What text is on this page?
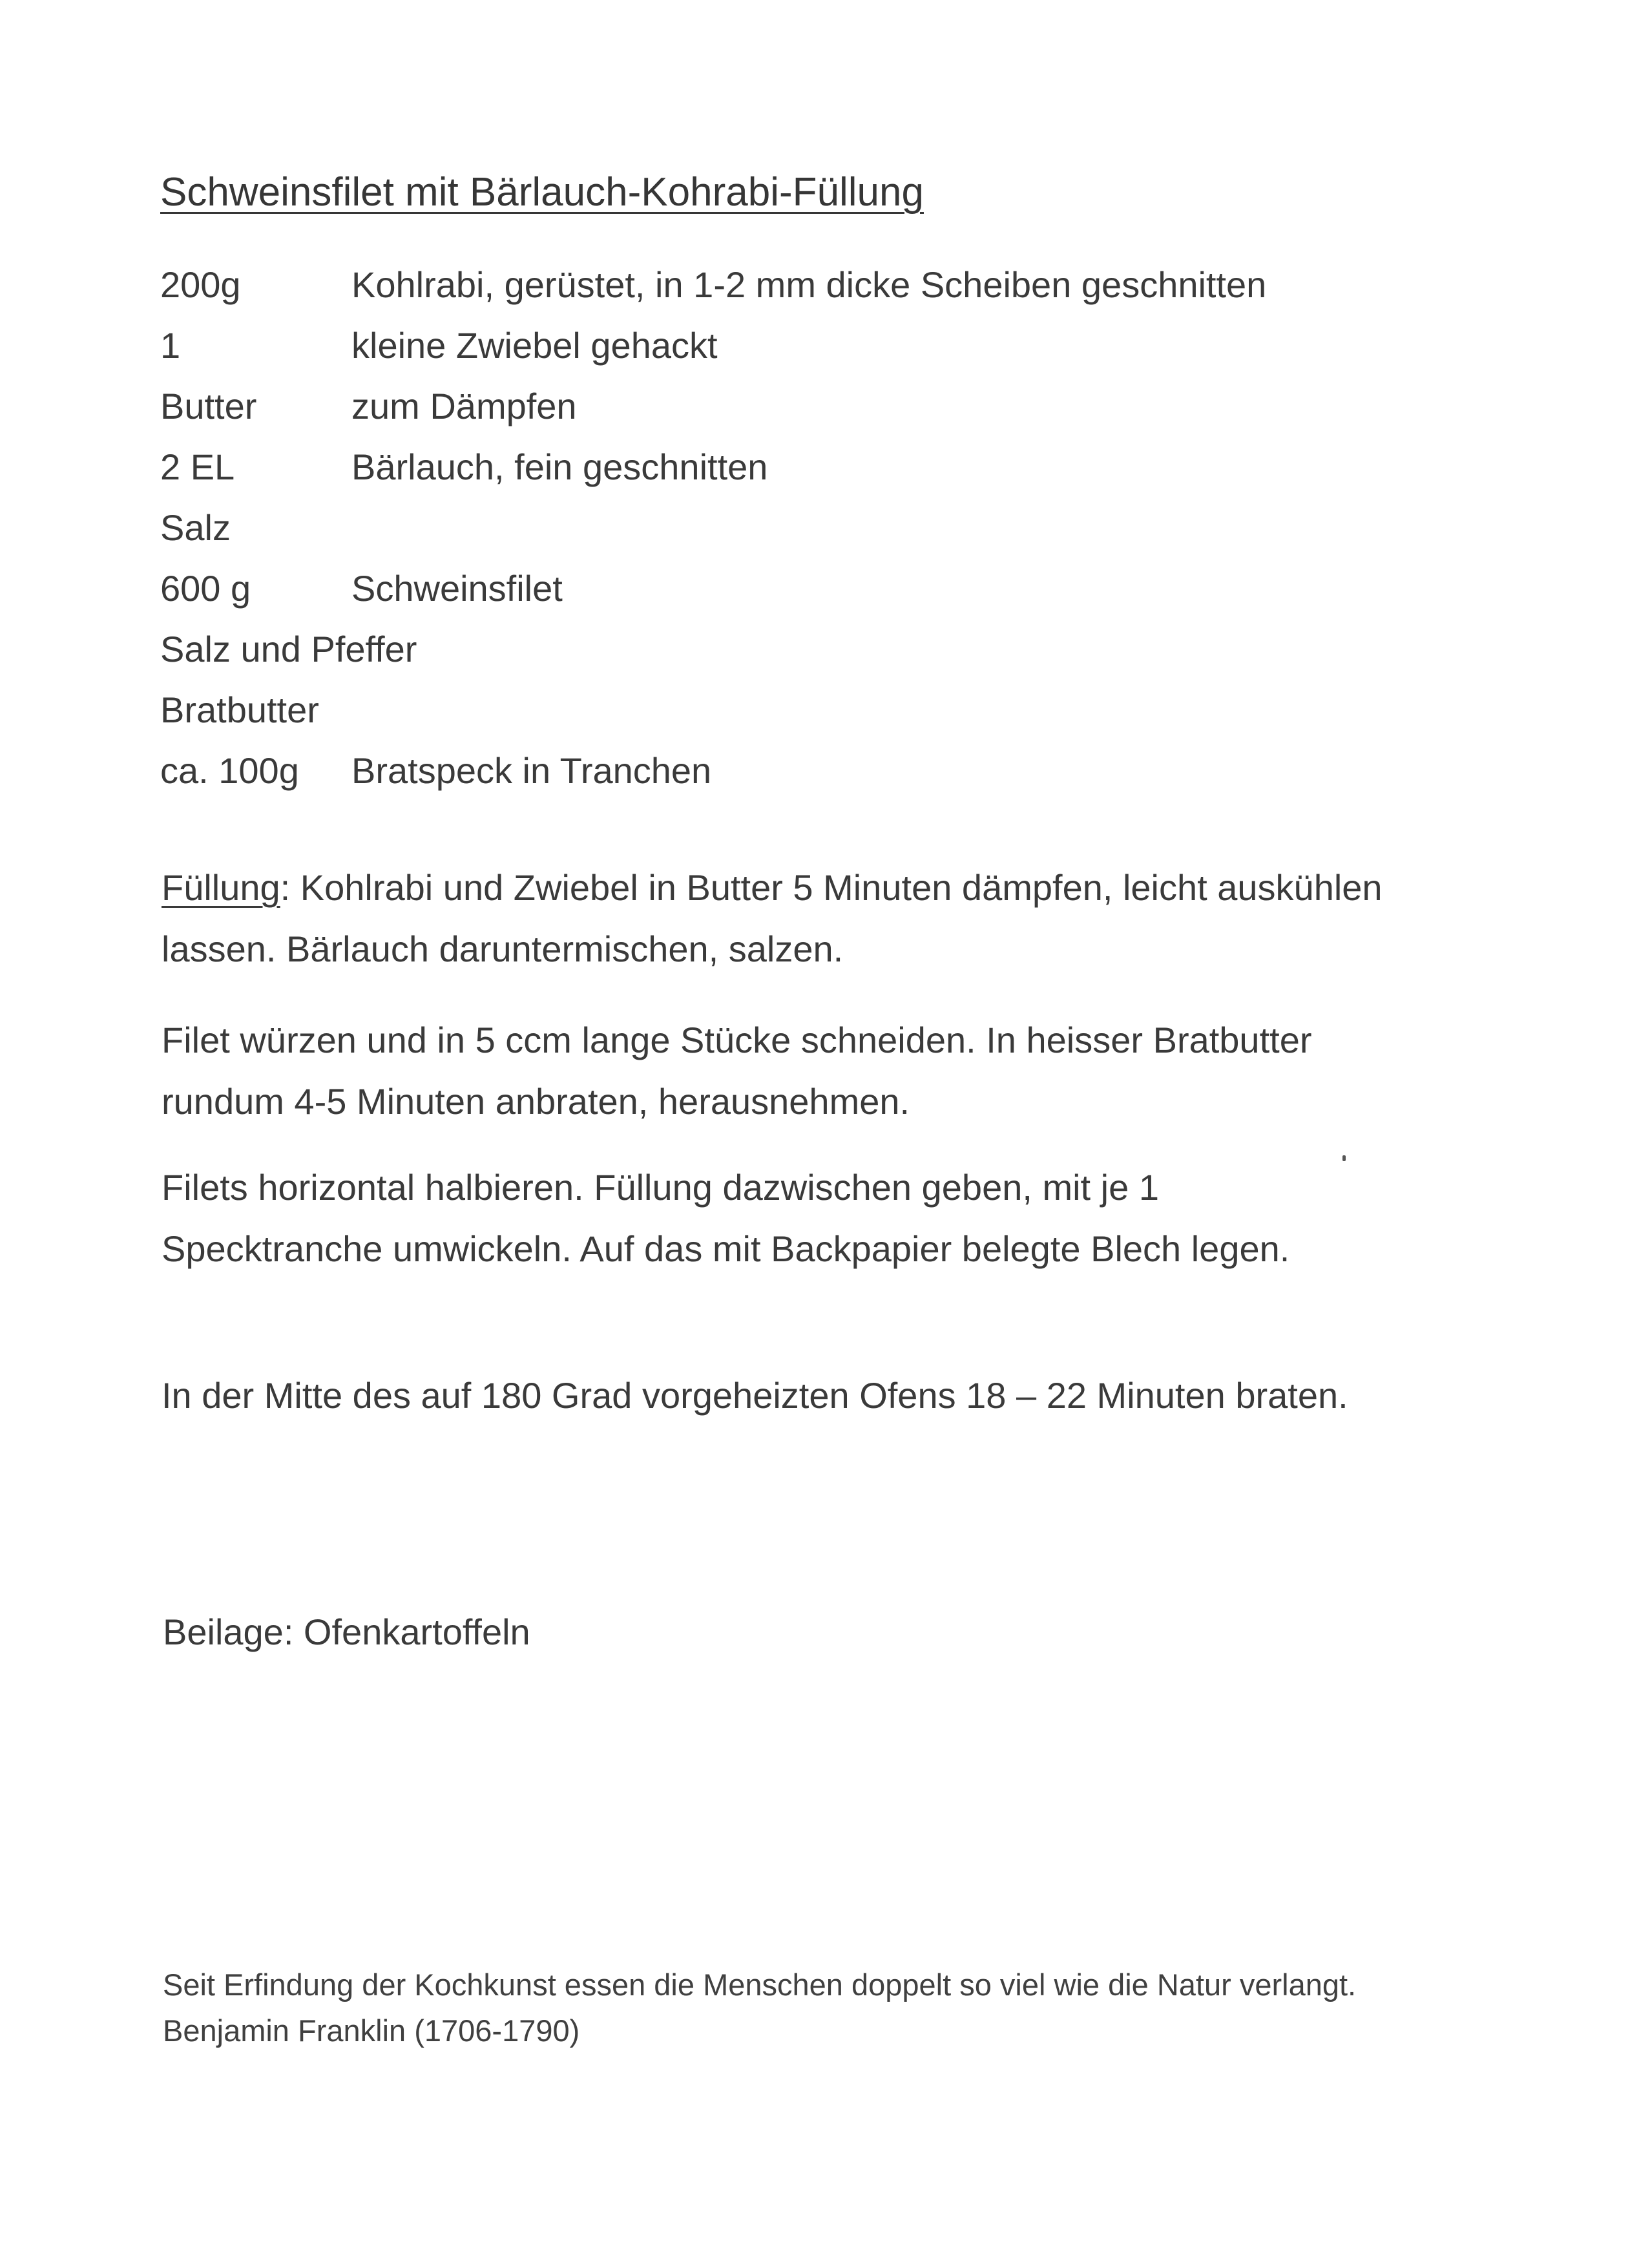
Schweinsfilet mit Bärlauch-Kohrabi-Füllung
200g	Kohlrabi, gerüstet, in 1-2 mm dicke Scheiben geschnitten
1	kleine Zwiebel gehackt
Butter	zum Dämpfen
2 EL	Bärlauch, fein geschnitten
Salz
600 g	Schweinsfilet
Salz und Pfeffer
Bratbutter
ca. 100g Bratspeck in Tranchen
Füllung: Kohlrabi und Zwiebel in Butter 5 Minuten dämpfen, leicht auskühlen lassen. Bärlauch daruntermischen, salzen.
Filet würzen und in 5 ccm lange Stücke schneiden. In heisser Bratbutter rundum 4-5 Minuten anbraten, herausnehmen.
Filets horizontal halbieren. Füllung dazwischen geben, mit je 1 Specktranche umwickeln. Auf das mit Backpapier belegte Blech legen.
In der Mitte des auf 180 Grad vorgeheizten Ofens 18 – 22 Minuten braten.
Beilage: Ofenkartoffeln
Seit Erfindung der Kochkunst essen die Menschen doppelt so viel wie die Natur verlangt.
Benjamin Franklin (1706-1790)
